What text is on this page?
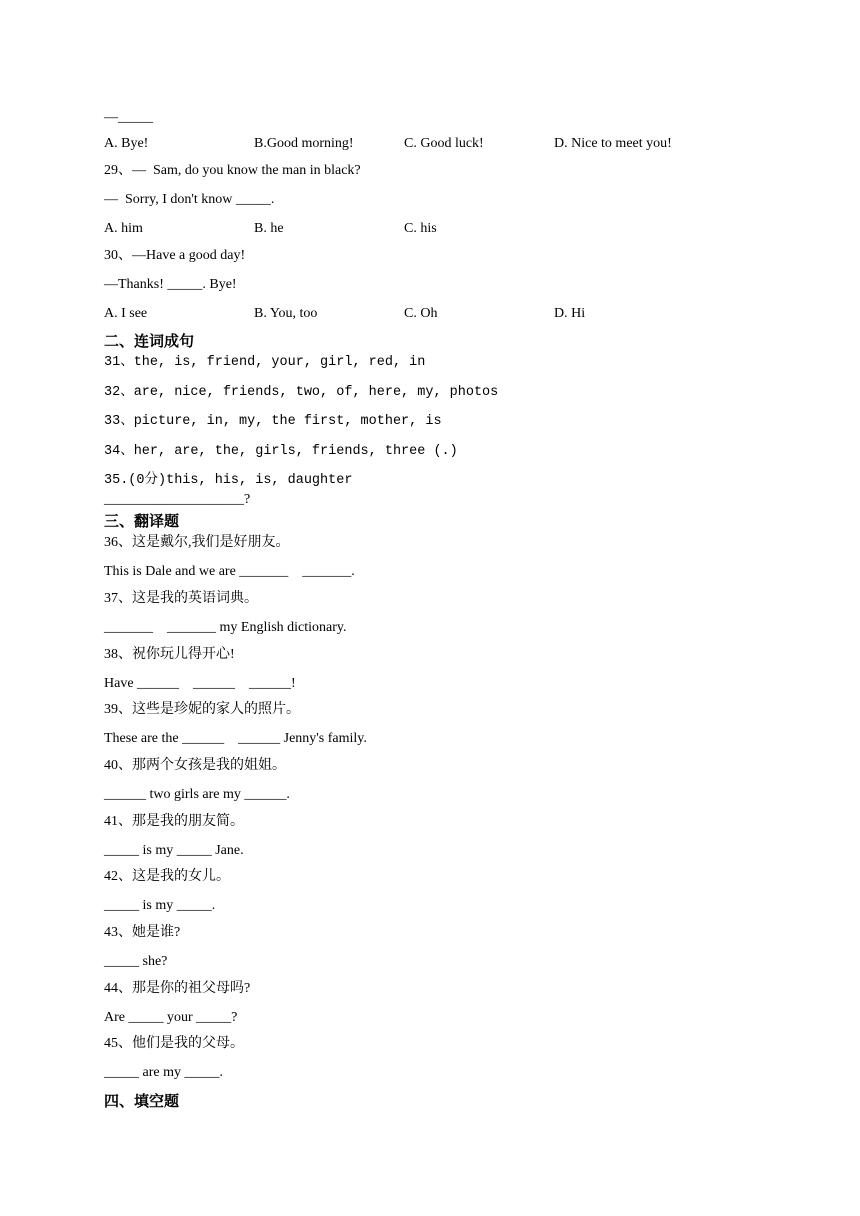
—_____
A. Bye!	B.Good morning!	C. Good luck!	D. Nice to meet you!
29、—  Sam, do you know the man in black?
—  Sorry, I don't know _____.
A. him	B. he	C. his
30、—Have a good day!
—Thanks! _____. Bye!
A. I see	B. You, too	C. Oh	D. Hi
二、连词成句
31、the, is, friend, your, girl, red, in
32、are, nice, friends, two, of, here, my, photos
33、picture, in, my, the first, mother, is
34、her, are, the, girls, friends, three (.)
35.(0分)this, his, is, daughter
____________________?
三、翻译题
36、这是戴尔,我们是好朋友。
This is Dale and we are _______    _______.
37、这是我的英语词典。
_______    _______ my English dictionary.
38、祝你玩儿得开心!
Have ______    ______    ______!
39、这些是珍妮的家人的照片。
These are the ______    ______ Jenny's family.
40、那两个女孩是我的姐姐。
______ two girls are my ______.
41、那是我的朋友简。
_____ is my _____ Jane.
42、这是我的女儿。
_____ is my _____.
43、她是谁?
_____ she?
44、那是你的祖父母吗?
Are _____ your _____?
45、他们是我的父母。
_____ are my _____.
四、填空题
